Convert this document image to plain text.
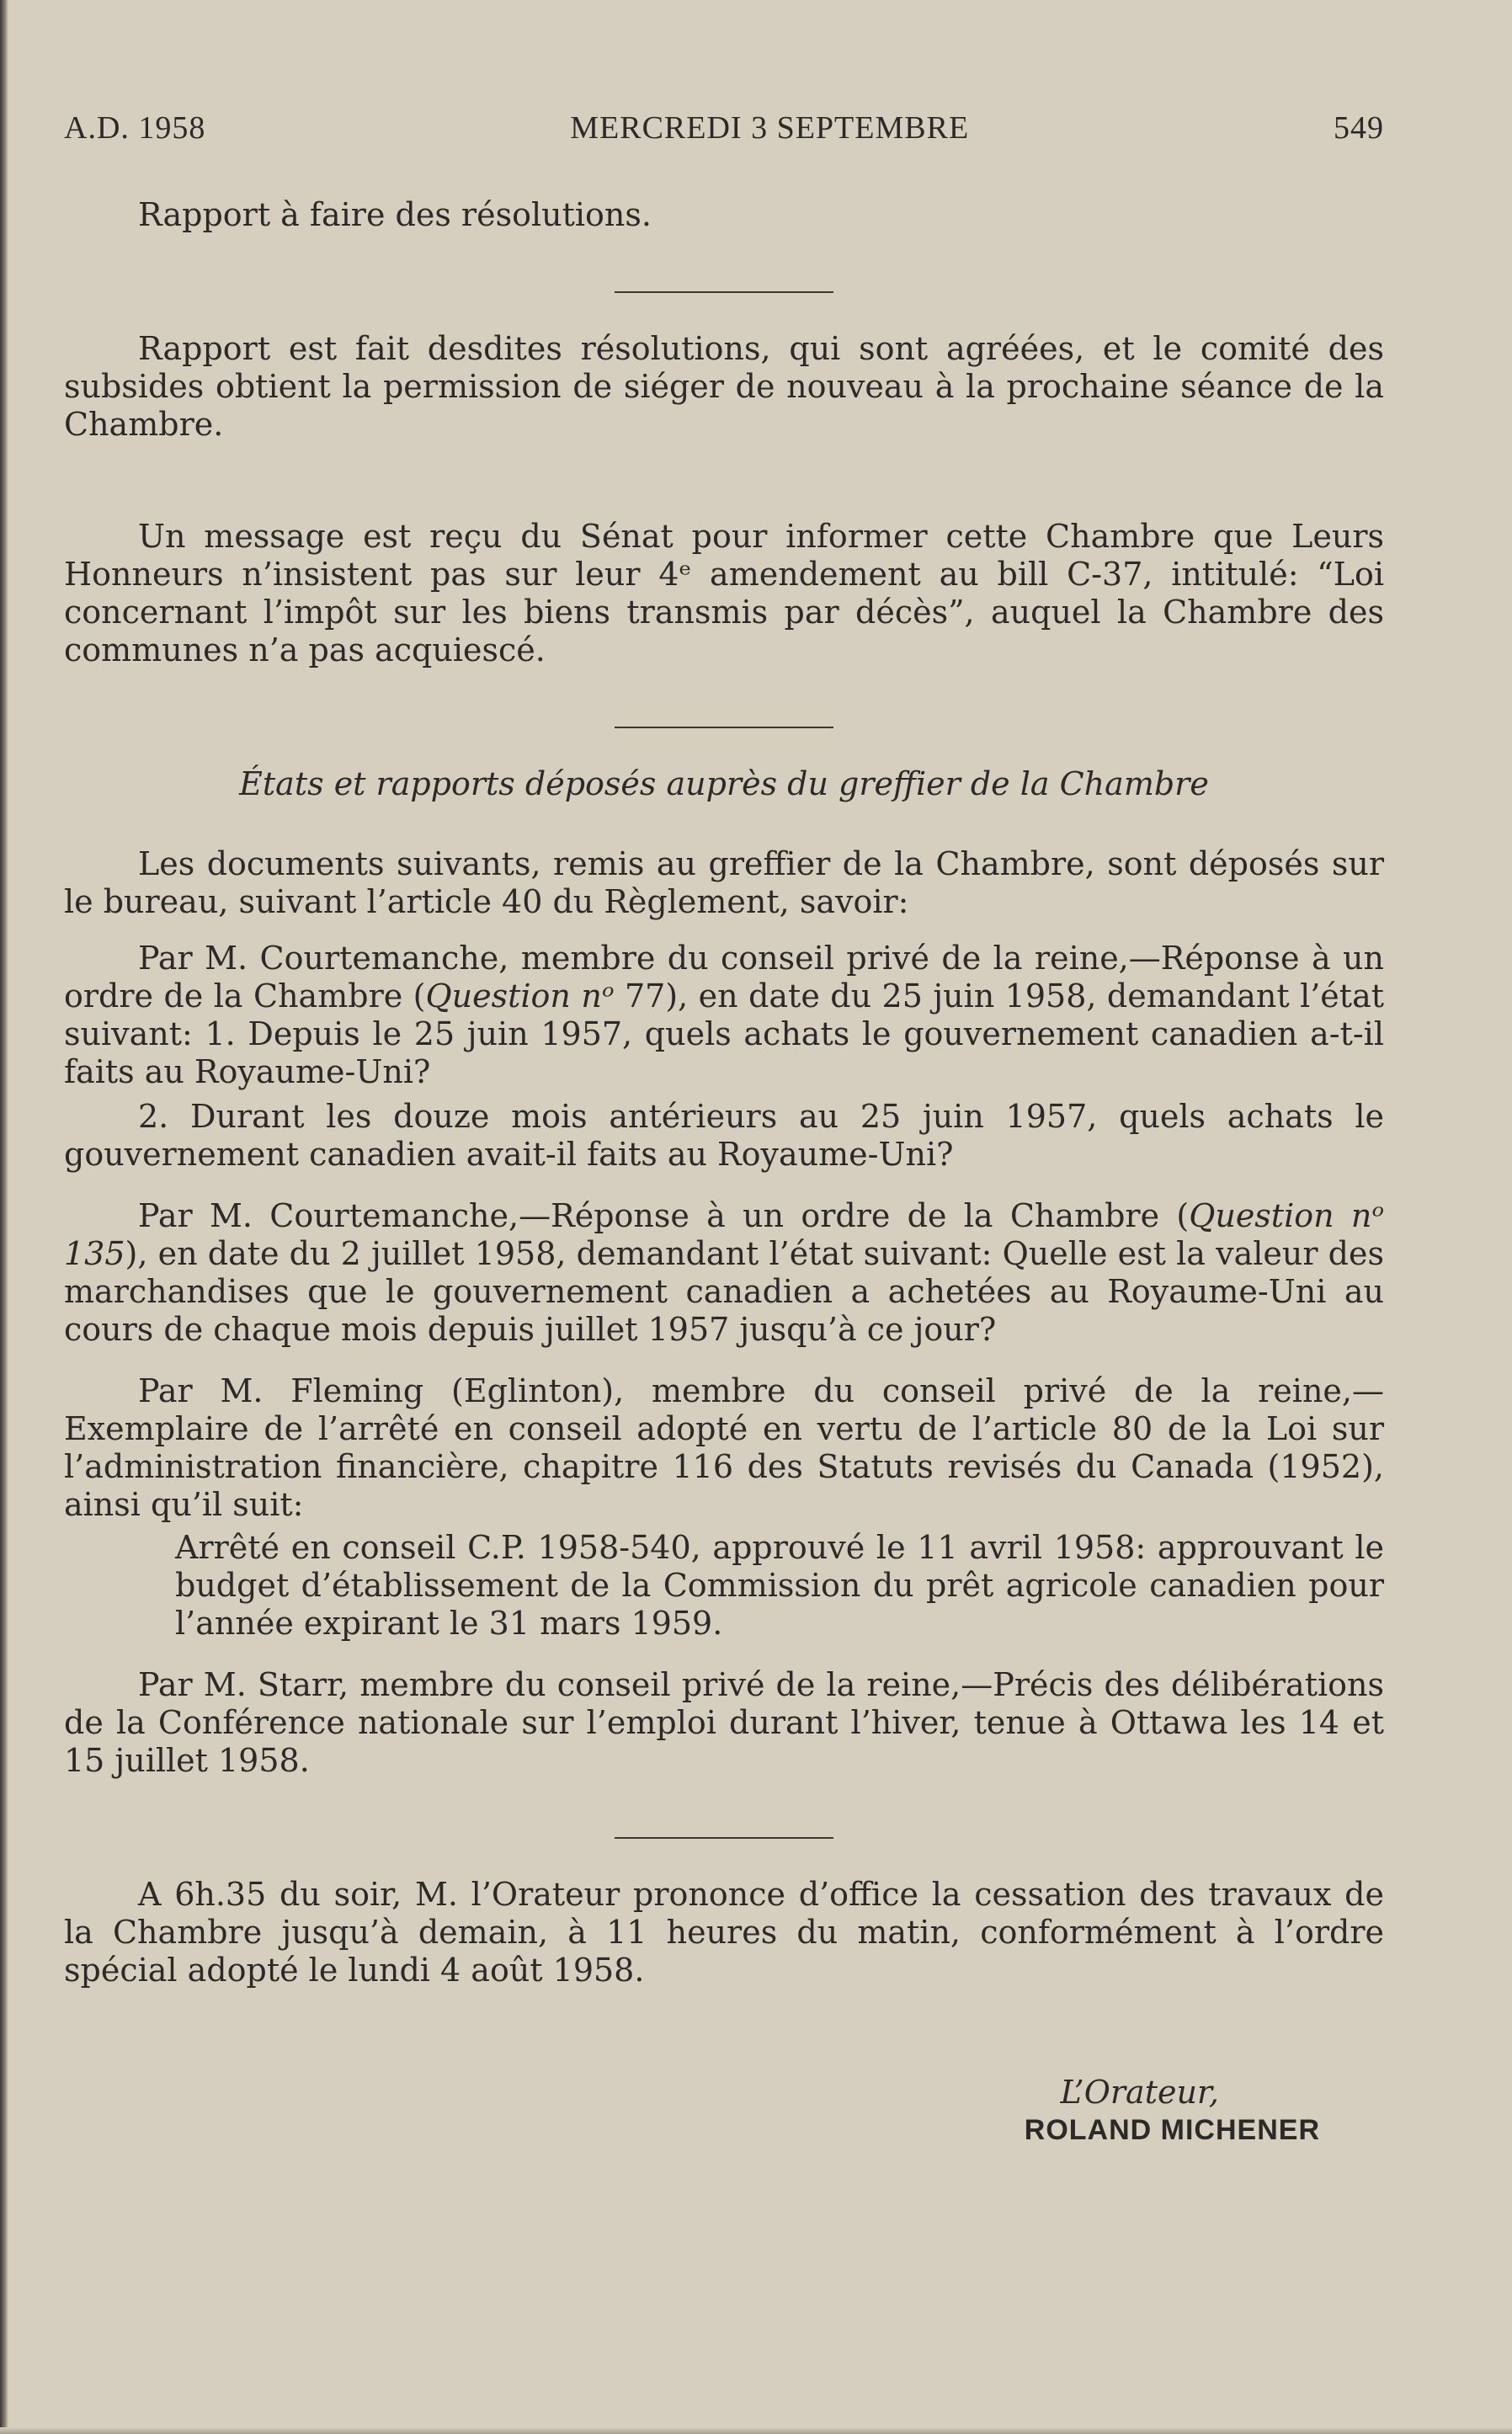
A.D. 1958	MERCREDI 3 SEPTEMBRE	549

Rapport à faire des résolutions.

Rapport est fait desdites résolutions, qui sont agréées, et le comité des subsides obtient la permission de siéger de nouveau à la prochaine séance de la Chambre.

Un message est reçu du Sénat pour informer cette Chambre que Leurs Honneurs n’insistent pas sur leur 4ᵉ amendement au bill C-37, intitulé: “Loi concernant l’impôt sur les biens transmis par décès”, auquel la Chambre des communes n’a pas acquiescé.

États et rapports déposés auprès du greffier de la Chambre

Les documents suivants, remis au greffier de la Chambre, sont déposés sur le bureau, suivant l’article 40 du Règlement, savoir:

Par M. Courtemanche, membre du conseil privé de la reine,—Réponse à un ordre de la Chambre (Question nᵒ 77), en date du 25 juin 1958, demandant l’état suivant: 1. Depuis le 25 juin 1957, quels achats le gouvernement canadien a-t-il faits au Royaume-Uni?

2. Durant les douze mois antérieurs au 25 juin 1957, quels achats le gouvernement canadien avait-il faits au Royaume-Uni?

Par M. Courtemanche,—Réponse à un ordre de la Chambre (Question nᵒ 135), en date du 2 juillet 1958, demandant l’état suivant: Quelle est la valeur des marchandises que le gouvernement canadien a achetées au Royaume-Uni au cours de chaque mois depuis juillet 1957 jusqu’à ce jour?

Par M. Fleming (Eglinton), membre du conseil privé de la reine,—Exemplaire de l’arrêté en conseil adopté en vertu de l’article 80 de la Loi sur l’administration financière, chapitre 116 des Statuts revisés du Canada (1952), ainsi qu’il suit:

Arrêté en conseil C.P. 1958-540, approuvé le 11 avril 1958: approuvant le budget d’établissement de la Commission du prêt agricole canadien pour l’année expirant le 31 mars 1959.

Par M. Starr, membre du conseil privé de la reine,—Précis des délibérations de la Conférence nationale sur l’emploi durant l’hiver, tenue à Ottawa les 14 et 15 juillet 1958.

A 6h.35 du soir, M. l’Orateur prononce d’office la cessation des travaux de la Chambre jusqu’à demain, à 11 heures du matin, conformément à l’ordre spécial adopté le lundi 4 août 1958.

L’Orateur,
ROLAND MICHENER
